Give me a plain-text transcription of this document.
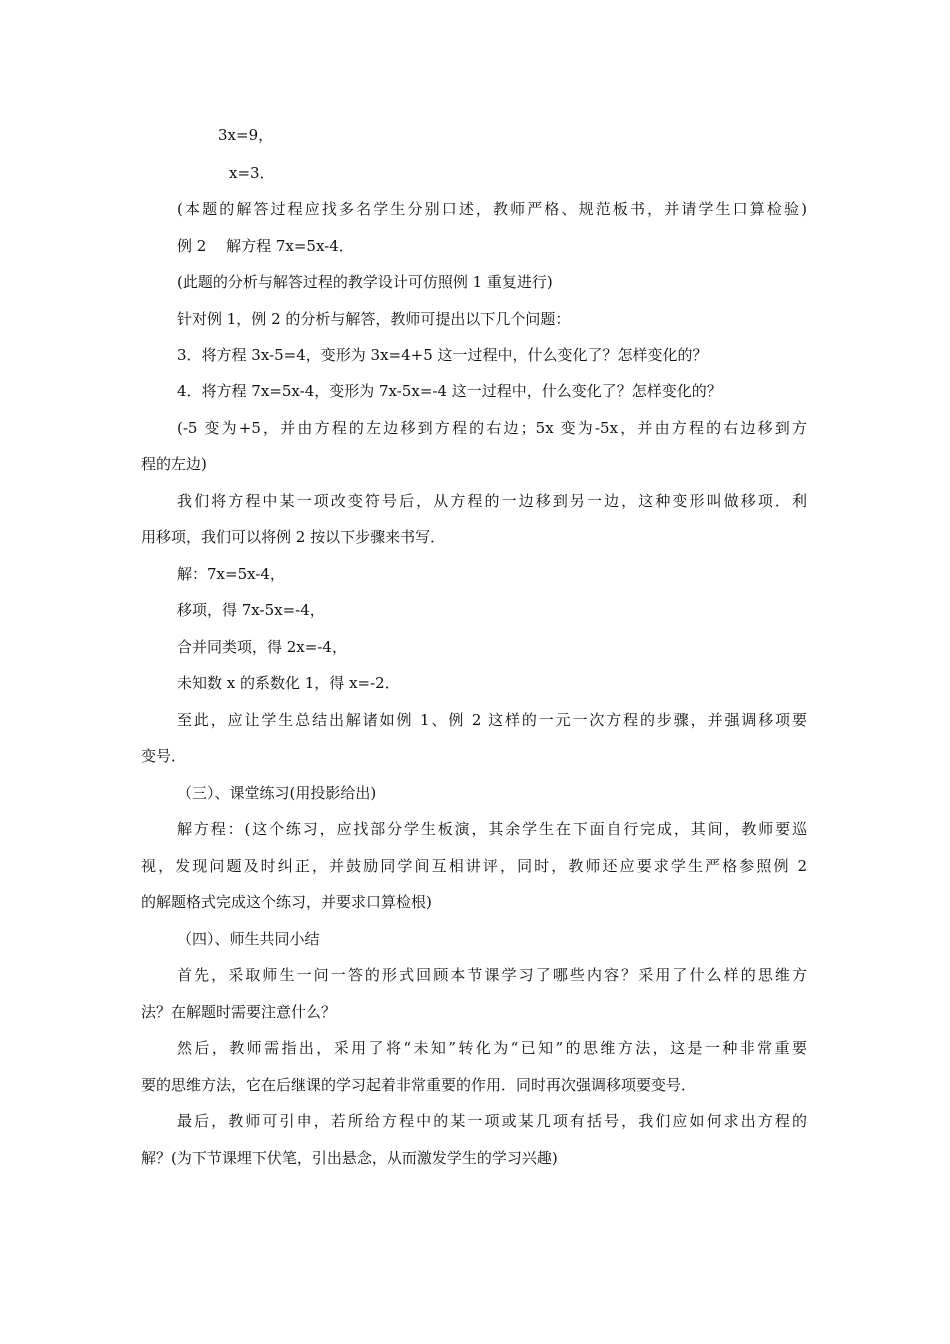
3x=9，
x=3．
(本题的解答过程应找多名学生分别口述，教师严格、规范板书，并请学生口算检验)
例 2　 解方程 7x=5x-4．
(此题的分析与解答过程的教学设计可仿照例 1 重复进行)
针对例 1，例 2 的分析与解答，教师可提出以下几个问题：
3．将方程 3x-5=4，变形为 3x=4+5 这一过程中，什么变化了？怎样变化的？
4．将方程 7x=5x-4，变形为 7x-5x=-4 这一过程中，什么变化了？怎样变化的？
(-5 变为+5，并由方程的左边移到方程的右边；5x 变为-5x，并由方程的右边移到方
程的左边)
我们将方程中某一项改变符号后，从方程的一边移到另一边，这种变形叫做移项．利
用移项，我们可以将例 2 按以下步骤来书写．
解：7x=5x-4，
移项，得 7x-5x=-4，
合并同类项，得 2x=-4，
未知数 x 的系数化 1，得 x=-2．
至此，应让学生总结出解诸如例 1、例 2 这样的一元一次方程的步骤，并强调移项要
变号．
（三）、课堂练习(用投影给出)
解方程：(这个练习，应找部分学生板演，其余学生在下面自行完成，其间，教师要巡
视，发现问题及时纠正，并鼓励同学间互相讲评，同时，教师还应要求学生严格参照例 2
的解题格式完成这个练习，并要求口算检根)
（四）、师生共同小结
首先，采取师生一问一答的形式回顾本节课学习了哪些内容？采用了什么样的思维方
法？在解题时需要注意什么？
然后，教师需指出，采用了将“未知”转化为“已知”的思维方法，这是一种非常重要
要的思维方法，它在后继课的学习起着非常重要的作用．同时再次强调移项要变号．
最后，教师可引申，若所给方程中的某一项或某几项有括号，我们应如何求出方程的
解？(为下节课埋下伏笔，引出悬念，从而激发学生的学习兴趣)
